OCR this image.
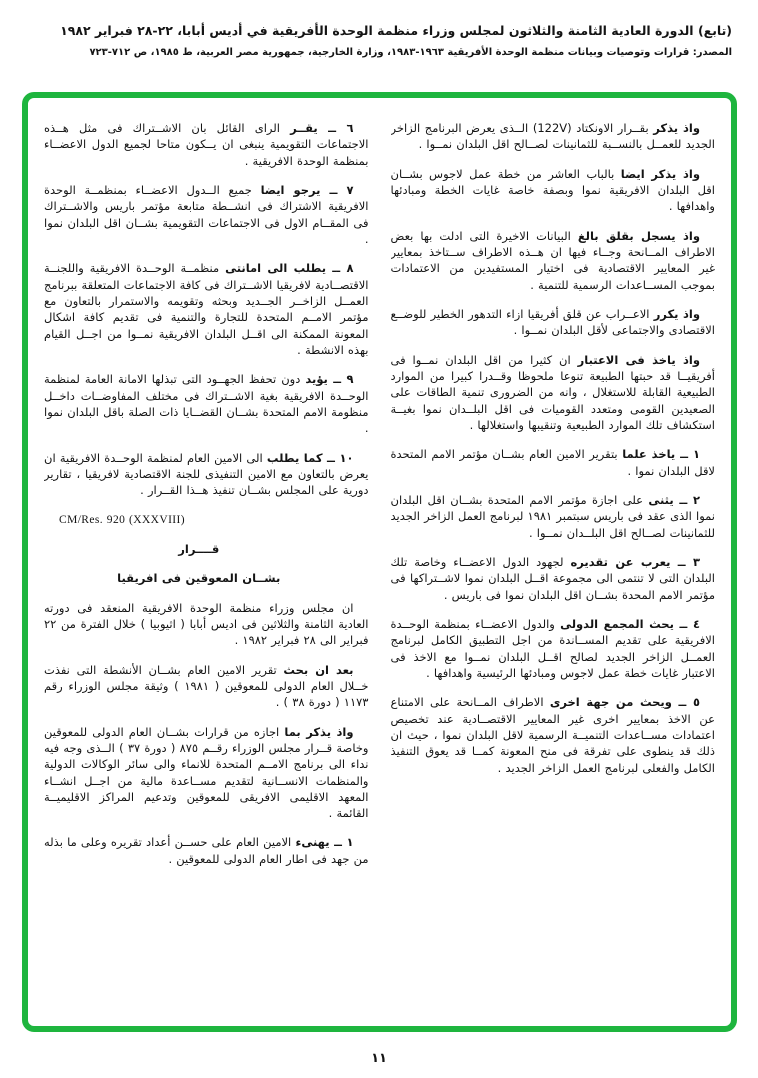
(تابع) الدورة العادية الثامنة والثلاثون لمجلس وزراء منظمة الوحدة الأفريقية في أديس أبابا، ٢٢-٢٨ فبراير ١٩٨٢
المصدر: قرارات وتوصيات وبيانات منظمة الوحدة الأفريقية ١٩٦٣-١٩٨٣، وزارة الخارجية، جمهورية مصر العربية، ط ١٩٨٥، ص ٧١٢-٧٢٣

واذ يذكر بقــرار الاونكتاد (122V) الــذى يعرض البرنامج الزاخر الجديد للعمــل بالنســبة للثمانينات لصــالح اقل البلدان نمــوا .

واذ يذكر ايضا بالباب العاشر من خطة عمل لاجوس بشــان اقل البلدان الافريقية نموا وبصفة خاصة غايات الخطة ومبادئها واهدافها .

واذ يسجل بقلق بالغ البيانات الاخيرة التى ادلت بها بعض الاطراف المــانحة وجــاء فيها ان هــذه الاطراف ســتاخذ بمعايير غير المعايير الاقتصادية فى اختيار المستفيدين من الاعتمادات بموجب المســاعدات الرسمية للتنمية .

واذ يكرر الاعــراب عن قلق أفريقيا ازاء التدهور الخطير للوضــع الاقتصادى والاجتماعى لأقل البلدان نمــوا .

واذ ياخذ فى الاعتبار ان كثيرا من اقل البلدان نمــوا فى أفريقيــا قد حبتها الطبيعة تنوعا ملحوظا وقــدرا كبيرا من الموارد الطبيعية القابلة للاستغلال ، وانه من الضرورى تنمية الطاقات على الصعيدين القومى ومتعدد القوميات فى اقل البلــدان نموا بغيــة استكشاف تلك الموارد الطبيعية وتنقيبها واستغلالها .

١ ــ ياخذ علما بتقرير الامين العام بشــان مؤتمر الامم المتحدة لاقل البلدان نموا .

٢ ــ يثنى على اجازة مؤتمر الامم المتحدة بشــان اقل البلدان نموا الذى عقد فى باريس سبتمبر ١٩٨١ لبرنامج العمل الزاخر الجديد للثمانينات لصــالح اقل البلــدان نمــوا .

٣ ــ يعرب عن تقديره لجهود الدول الاعضــاء وخاصة تلك البلدان التى لا تنتمى الى مجموعة اقــل البلدان نموا لاشــتراكها فى مؤتمر الامم المحدة بشــان اقل البلدان نموا فى باريس .

٤ ــ يحث المجمع الدولى والدول الاعضــاء بمنظمة الوحــدة الافريقية على تقديم المســاندة من اجل التطبيق الكامل لبرنامج العمــل الزاخر الجديد لصالح اقــل البلدان نمــوا مع الاخذ فى الاعتبار غايات خطة عمل لاجوس ومبادئها الرئيسية واهدافها .

٥ ــ ويحث من جهة اخرى الاطراف المــانحة على الامتناع عن الاخذ بمعايير اخرى غير المعايير الاقتصــادية عند تخصيص اعتمادات مســاعدات التنميــة الرسمية لاقل البلدان نموا ، حيث ان ذلك قد ينطوى على تفرقة فى منح المعونة كمــا قد يعوق التنفيذ الكامل والفعلى لبرنامج العمل الزاخر الجديد .

٦ ــ يقــر الراى القائل بان الاشــتراك فى مثل هــذه الاجتماعات التقويمية ينبغى ان يــكون متاحا لجميع الدول الاعضــاء بمنظمة الوحدة الافريقية .

٧ ــ يرجو ايضا جميع الــدول الاعضــاء بمنظمــة الوحدة الافريقية الاشتراك فى انشــطة متابعة مؤتمر باريس والاشــتراك فى المقــام الاول فى الاجتماعات التقويمية بشــان اقل البلدان نموا .

٨ ــ يطلب الى امانتى منظمــة الوحــدة الافريقية واللجنــة الاقتصــادية لافريقيا الاشــتراك فى كافة الاجتماعات المتعلقة ببرنامج العمــل الزاخــر الجــديد وبحثه وتقويمه والاستمرار بالتعاون مع مؤتمر الامــم المتحدة للتجارة والتنمية فى تقديم كافة اشكال المعونة الممكنة الى اقــل البلدان الافريقية نمــوا من اجــل القيام بهذه الانشطة .

٩ ــ يؤيد دون تحفظ الجهــود التى تبذلها الامانة العامة لمنظمة الوحــدة الافريقية بغية الاشــتراك فى مختلف المفاوضــات داخــل منظومة الامم المتحدة بشــان القضــايا ذات الصلة باقل البلدان نموا .

١٠ ــ كما يطلب الى الامين العام لمنظمة الوحــدة الافريقية ان يعرض بالتعاون مع الامين التنفيذى للجنة الاقتصادية لافريقيا ، تقارير دورية على المجلس بشــان تنفيذ هــذا القــرار .

CM/Res. 920 (XXXVIII)

قــــرار

بشــان المعوقين فى افريقيا

ان مجلس وزراء منظمة الوحدة الافريقية المنعقد فى دورته العادية الثامنة والثلاثين فى اديس أبابا ( اثيوبيا ) خلال الفترة من ٢٢ فبراير الى ٢٨ فبراير ١٩٨٢ .

بعد ان بحث تقرير الامين العام بشــان الأنشطة التى نفذت خــلال العام الدولى للمعوقين ( ١٩٨١ ) وثيقة مجلس الوزراء رقم ١١٧٣ ( دورة ٣٨ ) .

واذ يذكر بما اجازه من قرارات بشــان العام الدولى للمعوقين وخاصة قــرار مجلس الوزراء رقــم ٨٧٥ ( دورة ٣٧ ) الــذى وجه فيه نداء الى برنامج الامــم المتحدة للانماء والى سائر الوكالات الدولية والمنظمات الانســانية لتقديم مســاعدة مالية من اجــل انشــاء المعهد الاقليمى الافريقى للمعوقين وتدعيم المراكز الاقليميــة القائمة .

١ ــ يهنىء الامين العام على حســن أعداد تقريره وعلى ما بذله من جهد فى اطار العام الدولى للمعوقين .

١١
